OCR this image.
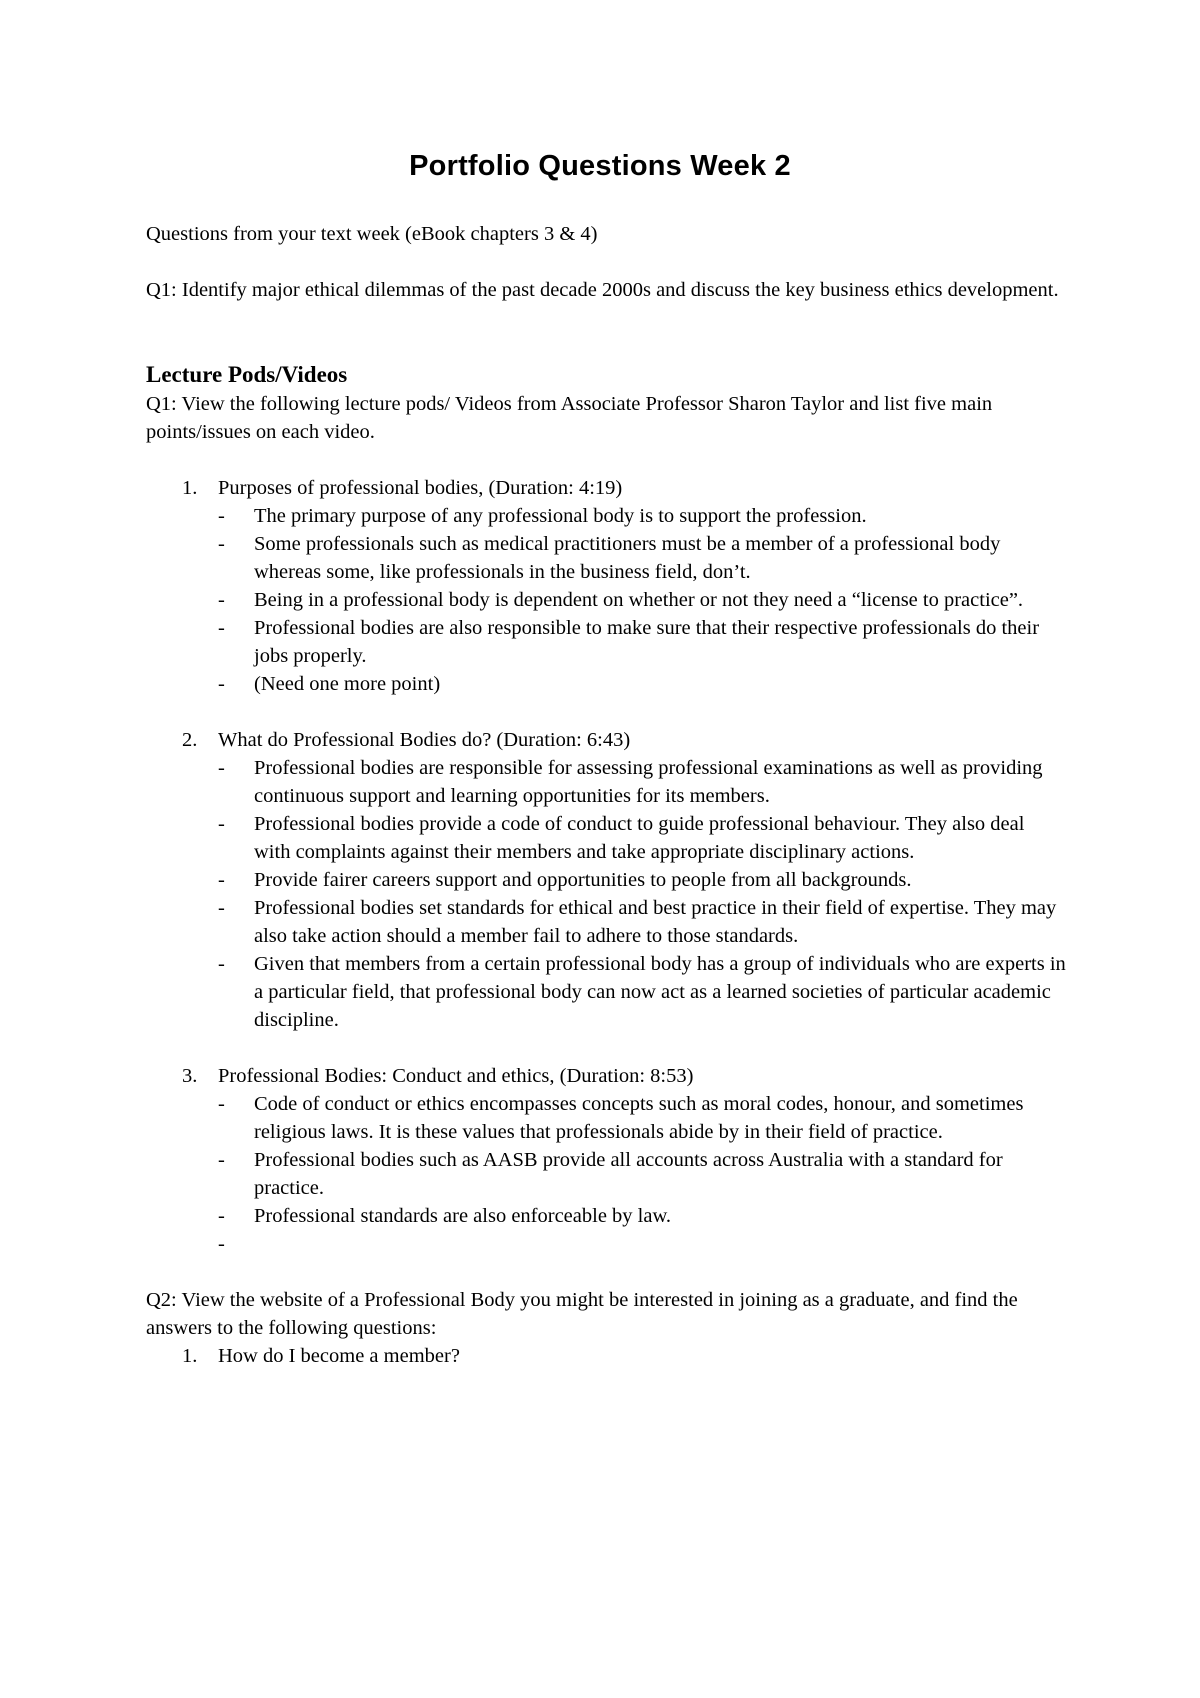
Portfolio Questions Week 2

Questions from your text week (eBook chapters 3 & 4)

Q1: Identify major ethical dilemmas of the past decade 2000s and discuss the key business ethics development.

Lecture Pods/Videos

Q1: View the following lecture pods/ Videos from Associate Professor Sharon Taylor and list five main points/issues on each video.

1. Purposes of professional bodies, (Duration: 4:19)
- The primary purpose of any professional body is to support the profession.
- Some professionals such as medical practitioners must be a member of a professional body whereas some, like professionals in the business field, don’t.
- Being in a professional body is dependent on whether or not they need a “license to practice”.
- Professional bodies are also responsible to make sure that their respective professionals do their jobs properly.
- (Need one more point)
2. What do Professional Bodies do? (Duration: 6:43)
- Professional bodies are responsible for assessing professional examinations as well as providing continuous support and learning opportunities for its members.
- Professional bodies provide a code of conduct to guide professional behaviour. They also deal with complaints against their members and take appropriate disciplinary actions.
- Provide fairer careers support and opportunities to people from all backgrounds.
- Professional bodies set standards for ethical and best practice in their field of expertise. They may also take action should a member fail to adhere to those standards.
- Given that members from a certain professional body has a group of individuals who are experts in a particular field, that professional body can now act as a learned societies of particular academic discipline.
3. Professional Bodies: Conduct and ethics, (Duration: 8:53)
- Code of conduct or ethics encompasses concepts such as moral codes, honour, and sometimes religious laws. It is these values that professionals abide by in their field of practice.
- Professional bodies such as AASB provide all accounts across Australia with a standard for practice.
- Professional standards are also enforceable by law.
-

Q2: View the website of a Professional Body you might be interested in joining as a graduate, and find the answers to the following questions:

1. How do I become a member?
